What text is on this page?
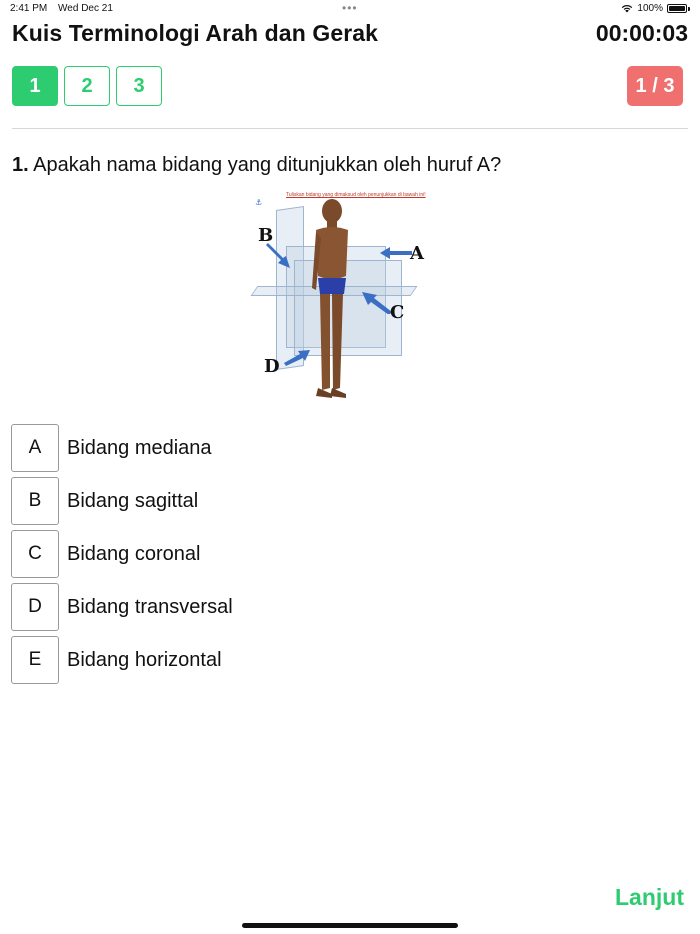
2:41 PM Wed Dec 21	•••	100%
Kuis Terminologi Arah dan Gerak	00:00:03
1	2	3	1 / 3
1. Apakah nama bidang yang ditunjukkan oleh huruf A?
Tuliskan bidang yang dimaksud oleh penunjukkan di bawah ini!
⚓
A
B
C
D
A	Bidang mediana
B	Bidang sagittal
C	Bidang coronal
D	Bidang transversal
E	Bidang horizontal
Lanjut
